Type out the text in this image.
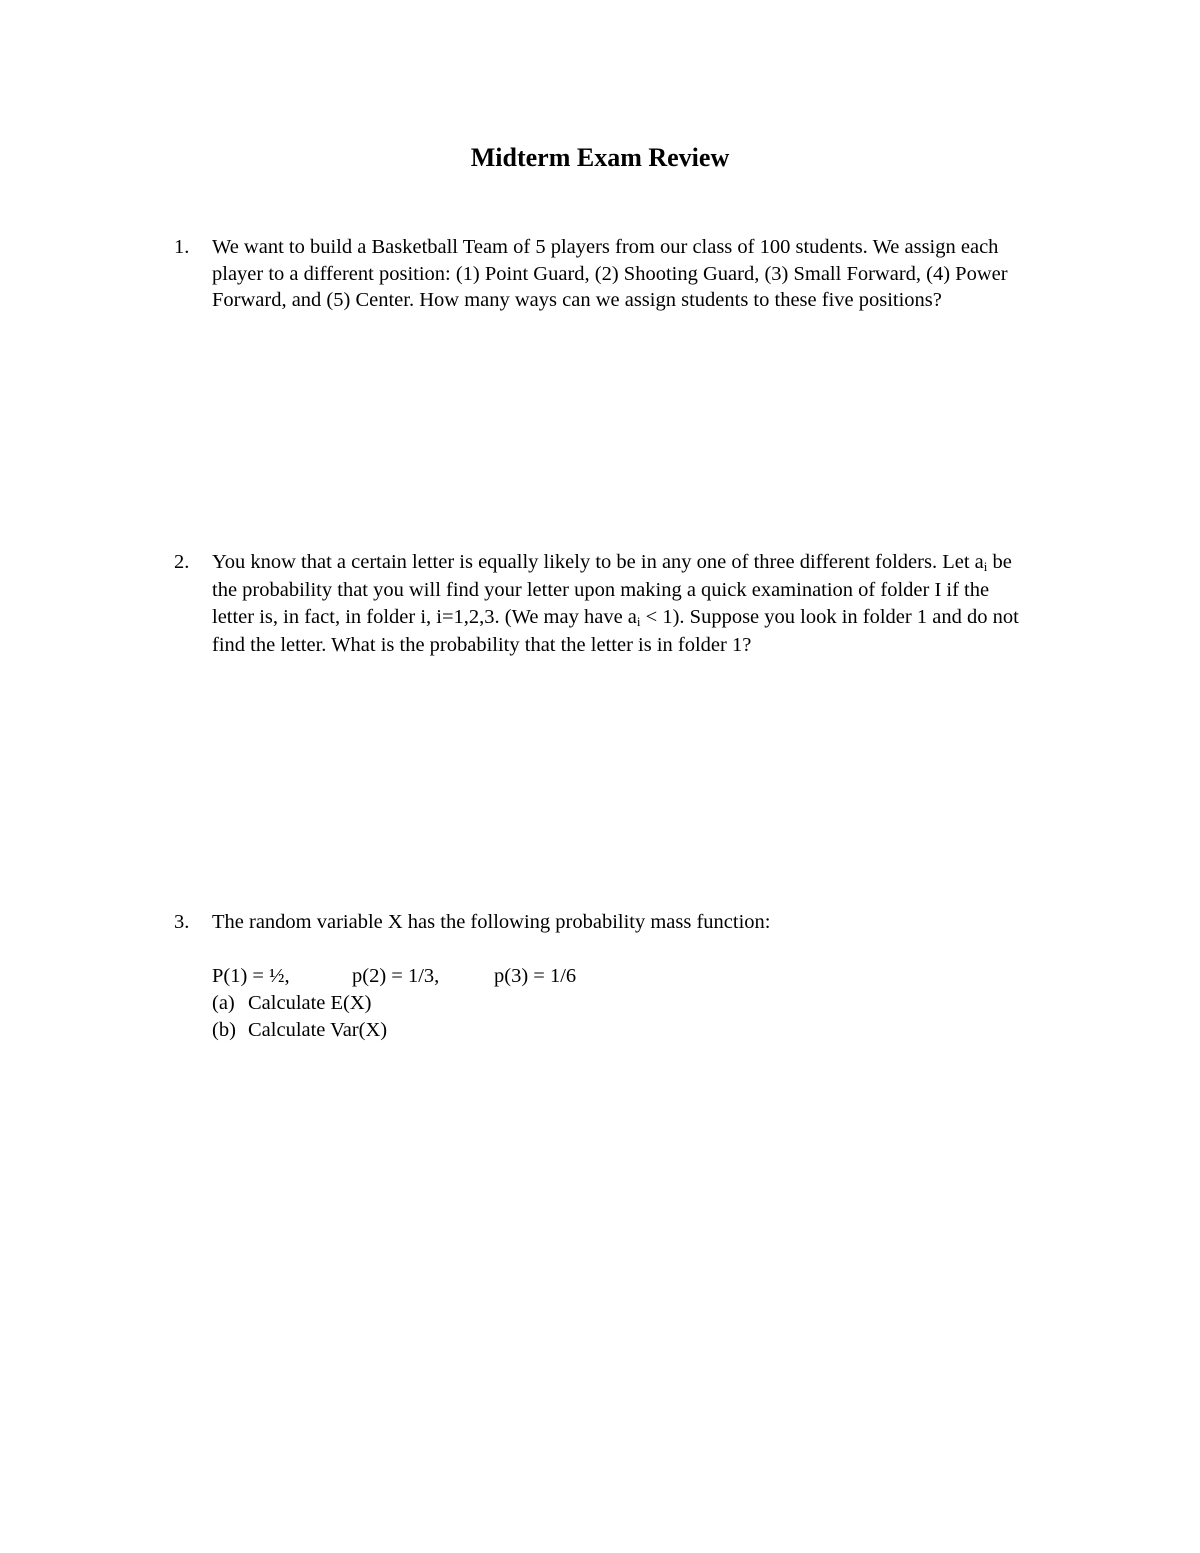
Midterm Exam Review
1.	We want to build a Basketball Team of 5 players from our class of 100 students. We assign each
player to a different position: (1) Point Guard, (2) Shooting Guard, (3) Small Forward, (4) Power
Forward, and (5) Center. How many ways can we assign students to these five positions?
2.	You know that a certain letter is equally likely to be in any one of three different folders. Let ai be
the probability that you will find your letter upon making a quick examination of folder I if the
letter is, in fact, in folder i, i=1,2,3. (We may have ai < 1). Suppose you look in folder 1 and do not
find the letter. What is the probability that the letter is in folder 1?
3.	The random variable X has the following probability mass function:
P(1) = ½,	p(2) = 1/3,	p(3) = 1/6
(a) Calculate E(X)
(b) Calculate Var(X)
